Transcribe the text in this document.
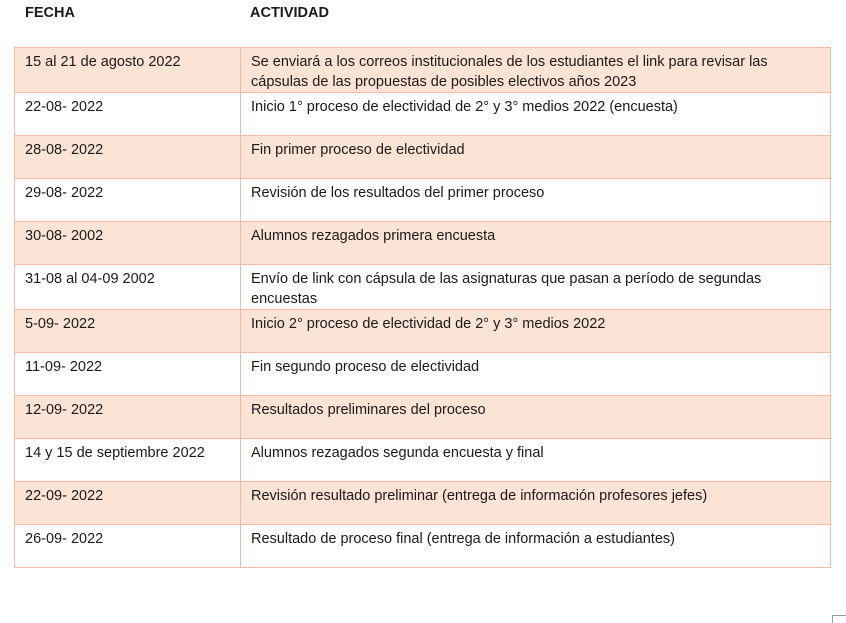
FECHA	ACTIVIDAD
15 al 21 de agosto 2022	Se enviará a los correos institucionales de los estudiantes el link para revisar las cápsulas de las propuestas de posibles electivos años 2023
22-08- 2022	Inicio 1° proceso de electividad de 2° y 3° medios 2022 (encuesta)
28-08- 2022	Fin primer proceso de electividad
29-08- 2022	Revisión de los resultados del primer proceso
30-08- 2002	Alumnos rezagados primera encuesta
31-08 al 04-09 2002	Envío de link con cápsula de las asignaturas que pasan a período de segundas encuestas
5-09- 2022	Inicio 2° proceso de electividad de 2° y 3° medios 2022
11-09- 2022	Fin segundo proceso de electividad
12-09- 2022	Resultados preliminares del proceso
14 y 15 de septiembre 2022	Alumnos rezagados segunda encuesta y final
22-09- 2022	Revisión resultado preliminar (entrega de información profesores jefes)
26-09- 2022	Resultado de proceso final (entrega de información a estudiantes)
